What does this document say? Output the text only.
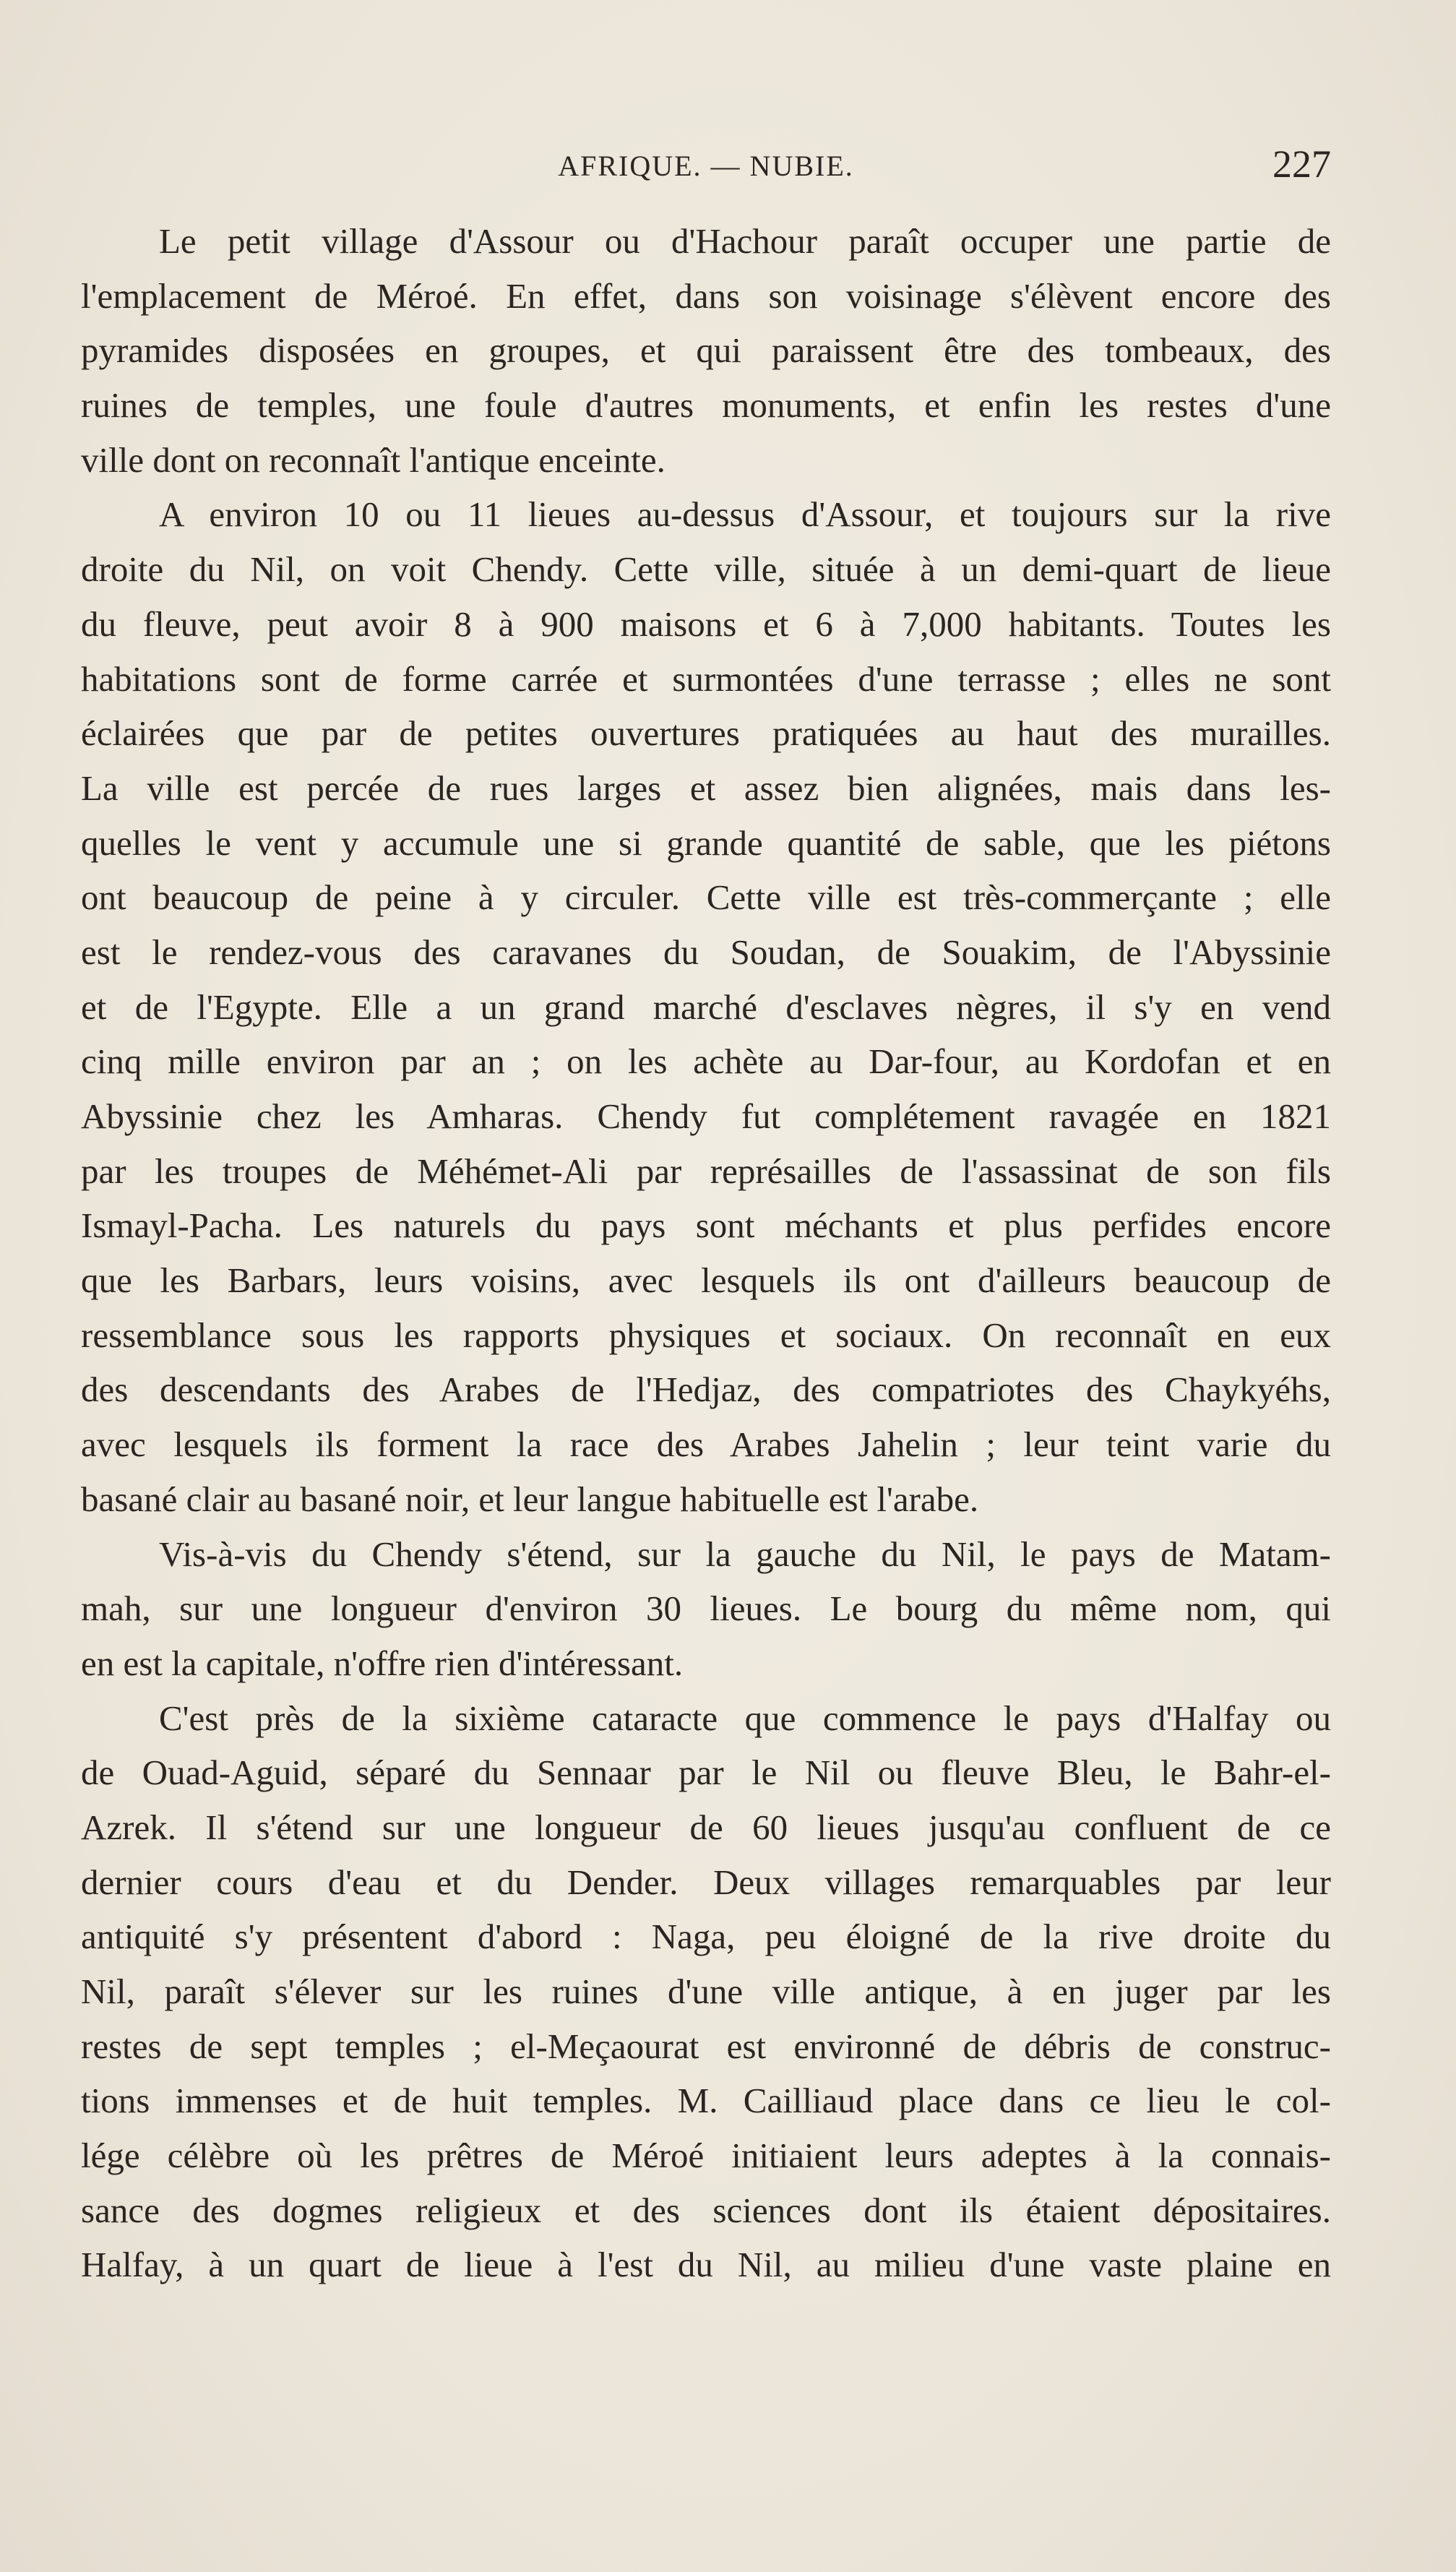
AFRIQUE. — NUBIE.	227
Le petit village d'Assour ou d'Hachour paraît occuper une partie de
l'emplacement de Méroé. En effet, dans son voisinage s'élèvent encore des
pyramides disposées en groupes, et qui paraissent être des tombeaux, des
ruines de temples, une foule d'autres monuments, et enfin les restes d'une
ville dont on reconnaît l'antique enceinte.
A environ 10 ou 11 lieues au-dessus d'Assour, et toujours sur la rive
droite du Nil, on voit Chendy. Cette ville, située à un demi-quart de lieue
du fleuve, peut avoir 8 à 900 maisons et 6 à 7,000 habitants. Toutes les
habitations sont de forme carrée et surmontées d'une terrasse ; elles ne sont
éclairées que par de petites ouvertures pratiquées au haut des murailles.
La ville est percée de rues larges et assez bien alignées, mais dans les-
quelles le vent y accumule une si grande quantité de sable, que les piétons
ont beaucoup de peine à y circuler. Cette ville est très-commerçante ; elle
est le rendez-vous des caravanes du Soudan, de Souakim, de l'Abyssinie
et de l'Egypte. Elle a un grand marché d'esclaves nègres, il s'y en vend
cinq mille environ par an ; on les achète au Dar-four, au Kordofan et en
Abyssinie chez les Amharas. Chendy fut complétement ravagée en 1821
par les troupes de Méhémet-Ali par représailles de l'assassinat de son fils
Ismayl-Pacha. Les naturels du pays sont méchants et plus perfides encore
que les Barbars, leurs voisins, avec lesquels ils ont d'ailleurs beaucoup de
ressemblance sous les rapports physiques et sociaux. On reconnaît en eux
des descendants des Arabes de l'Hedjaz, des compatriotes des Chaykyéhs,
avec lesquels ils forment la race des Arabes Jahelin ; leur teint varie du
basané clair au basané noir, et leur langue habituelle est l'arabe.
Vis-à-vis du Chendy s'étend, sur la gauche du Nil, le pays de Matam-
mah, sur une longueur d'environ 30 lieues. Le bourg du même nom, qui
en est la capitale, n'offre rien d'intéressant.
C'est près de la sixième cataracte que commence le pays d'Halfay ou
de Ouad-Aguid, séparé du Sennaar par le Nil ou fleuve Bleu, le Bahr-el-
Azrek. Il s'étend sur une longueur de 60 lieues jusqu'au confluent de ce
dernier cours d'eau et du Dender. Deux villages remarquables par leur
antiquité s'y présentent d'abord : Naga, peu éloigné de la rive droite du
Nil, paraît s'élever sur les ruines d'une ville antique, à en juger par les
restes de sept temples ; el-Meçaourat est environné de débris de construc-
tions immenses et de huit temples. M. Cailliaud place dans ce lieu le col-
lége célèbre où les prêtres de Méroé initiaient leurs adeptes à la connais-
sance des dogmes religieux et des sciences dont ils étaient dépositaires.
Halfay, à un quart de lieue à l'est du Nil, au milieu d'une vaste plaine en
